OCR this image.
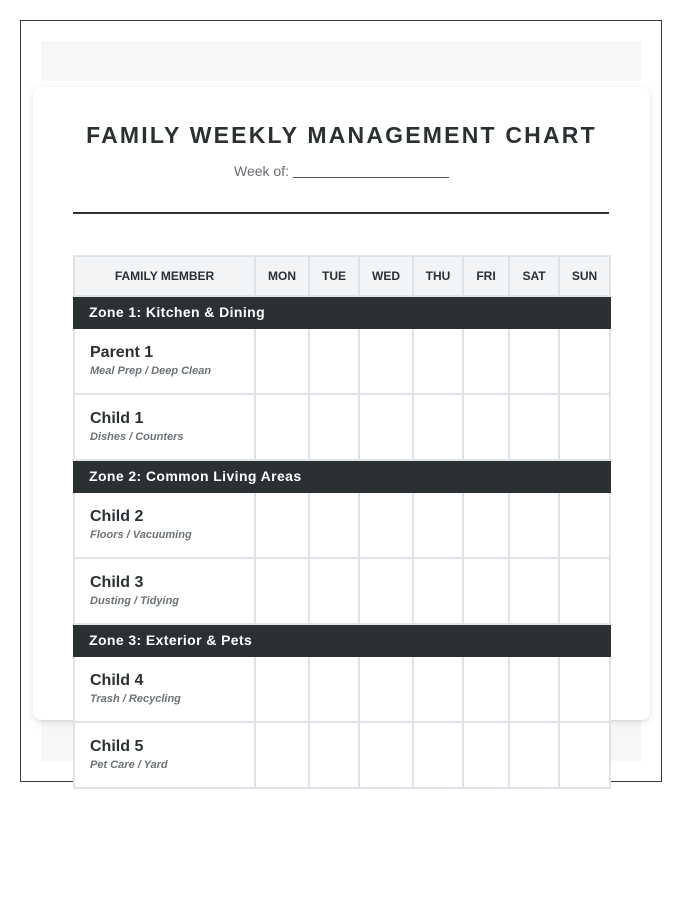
FAMILY WEEKLY MANAGEMENT CHART
Week of:
FAMILY MEMBER	MON	TUE	WED	THU	FRI	SAT	SUN
Zone 1: Kitchen & Dining							

Parent 1
Meal Prep / Deep Clean							

Child 1
Dishes / Counters							

Zone 2: Common Living Areas							

Child 2
Floors / Vacuuming							

Child 3
Dusting / Tidying							

Zone 3: Exterior & Pets							

Child 4
Trash / Recycling							

Child 5
Pet Care / Yard							
